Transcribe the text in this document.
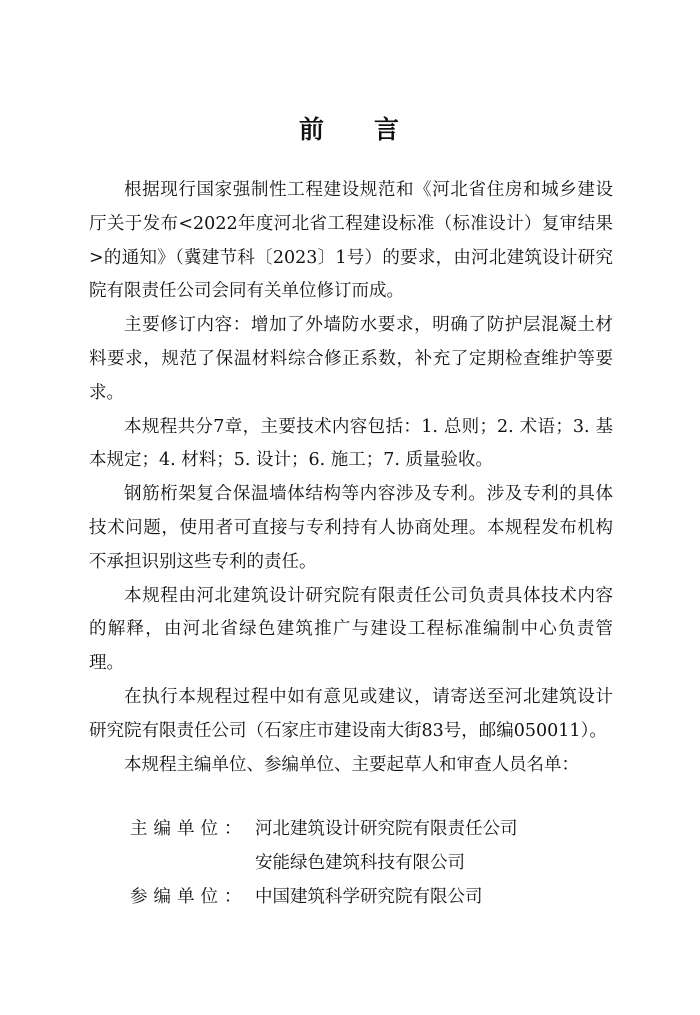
前 言

根据现行国家强制性工程建设规范和《河北省住房和城乡建设厅关于发布<2022年度河北省工程建设标准（标准设计）复审结果>的通知》（冀建节科〔2023〕1号）的要求，由河北建筑设计研究院有限责任公司会同有关单位修订而成。

主要修订内容：增加了外墙防水要求，明确了防护层混凝土材料要求，规范了保温材料综合修正系数，补充了定期检查维护等要求。

本规程共分7章，主要技术内容包括：1. 总则；2. 术语；3. 基本规定；4. 材料；5. 设计；6. 施工；7. 质量验收。

钢筋桁架复合保温墙体结构等内容涉及专利。涉及专利的具体技术问题，使用者可直接与专利持有人协商处理。本规程发布机构不承担识别这些专利的责任。

本规程由河北建筑设计研究院有限责任公司负责具体技术内容的解释，由河北省绿色建筑推广与建设工程标准编制中心负责管理。

在执行本规程过程中如有意见或建议，请寄送至河北建筑设计研究院有限责任公司（石家庄市建设南大街83号，邮编050011）。

本规程主编单位、参编单位、主要起草人和审查人员名单：

主编单位： 河北建筑设计研究院有限责任公司
安能绿色建筑科技有限公司
参编单位： 中国建筑科学研究院有限公司
